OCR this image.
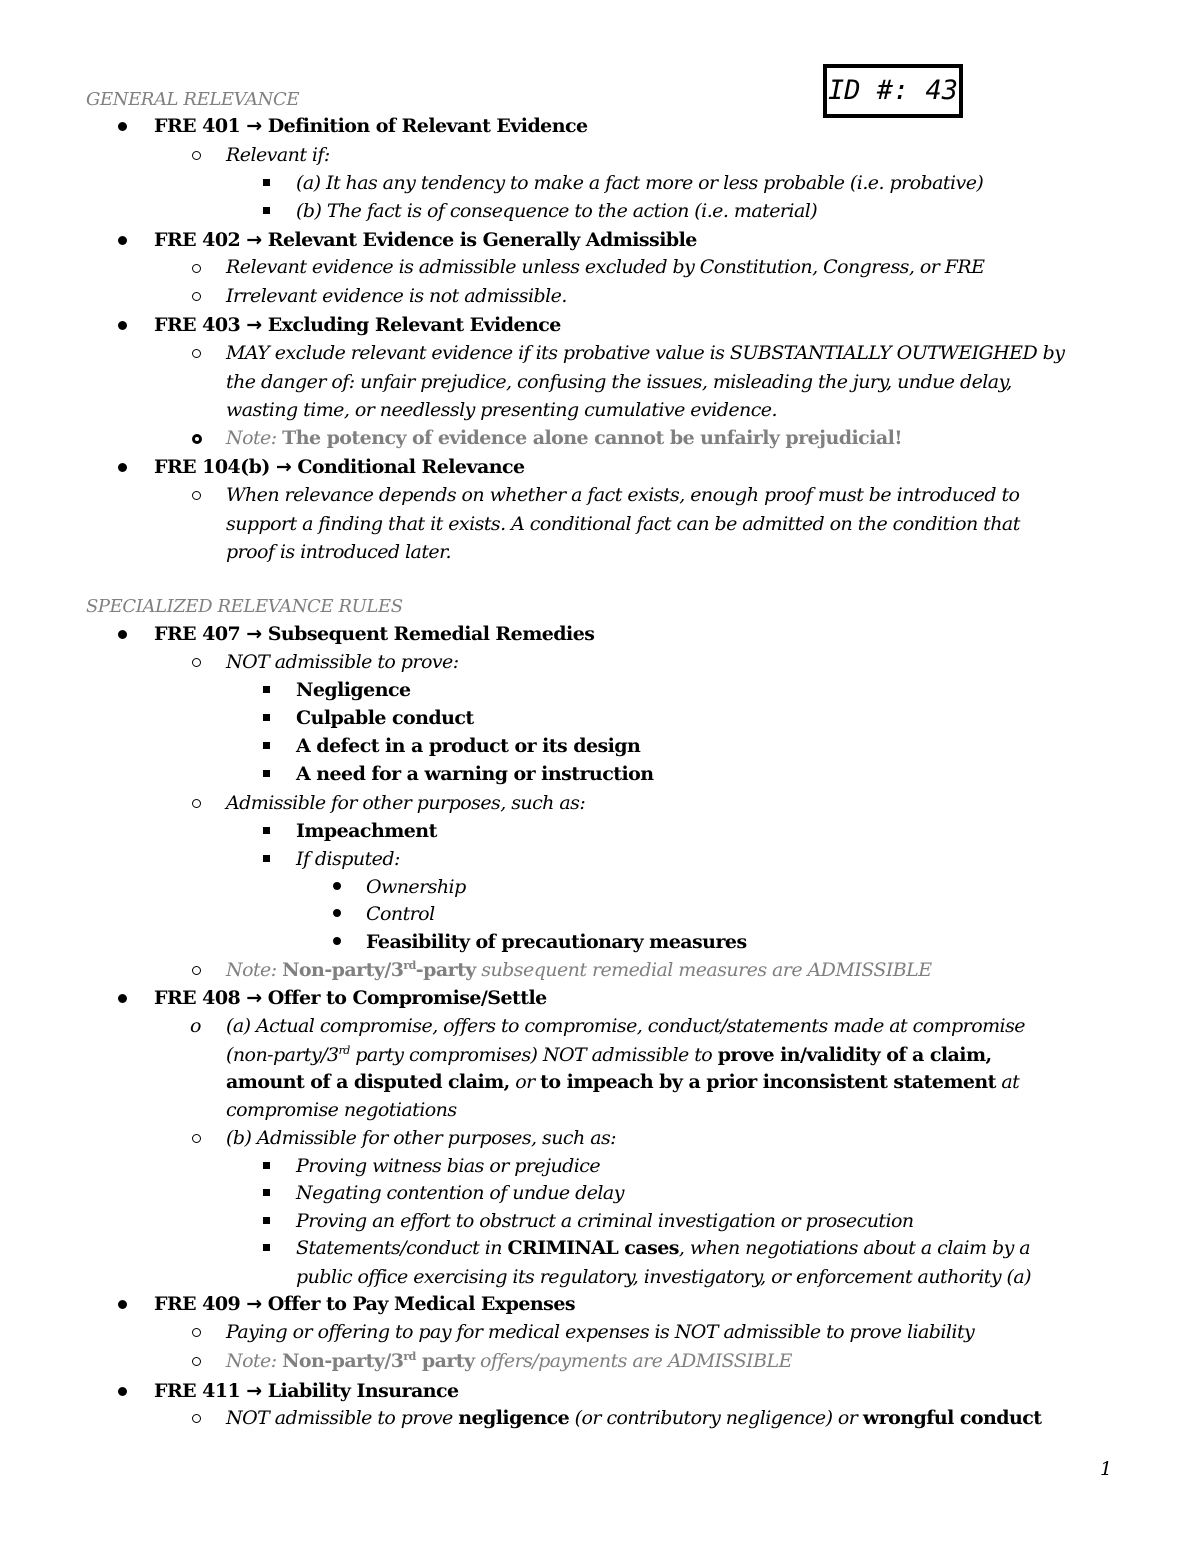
ID #: 43
GENERAL RELEVANCE
FRE 401 → Definition of Relevant Evidence
Relevant if:
(a) It has any tendency to make a fact more or less probable (i.e. probative)
(b) The fact is of consequence to the action (i.e. material)
FRE 402 → Relevant Evidence is Generally Admissible
Relevant evidence is admissible unless excluded by Constitution, Congress, or FRE
Irrelevant evidence is not admissible.
FRE 403 → Excluding Relevant Evidence
MAY exclude relevant evidence if its probative value is SUBSTANTIALLY OUTWEIGHED by
the danger of: unfair prejudice, confusing the issues, misleading the jury, undue delay,
wasting time, or needlessly presenting cumulative evidence.
Note: The potency of evidence alone cannot be unfairly prejudicial!
FRE 104(b) → Conditional Relevance
When relevance depends on whether a fact exists, enough proof must be introduced to
support a finding that it exists. A conditional fact can be admitted on the condition that
proof is introduced later.
SPECIALIZED RELEVANCE RULES
FRE 407 → Subsequent Remedial Remedies
NOT admissible to prove:
Negligence
Culpable conduct
A defect in a product or its design
A need for a warning or instruction
Admissible for other purposes, such as:
Impeachment
If disputed:
Ownership
Control
Feasibility of precautionary measures
Note: Non-party/3rd-party subsequent remedial measures are ADMISSIBLE
FRE 408 → Offer to Compromise/Settle
o (a) Actual compromise, offers to compromise, conduct/statements made at compromise
(non-party/3rd party compromises) NOT admissible to prove in/validity of a claim,
amount of a disputed claim, or to impeach by a prior inconsistent statement at
compromise negotiations
(b) Admissible for other purposes, such as:
Proving witness bias or prejudice
Negating contention of undue delay
Proving an effort to obstruct a criminal investigation or prosecution
Statements/conduct in CRIMINAL cases, when negotiations about a claim by a
public office exercising its regulatory, investigatory, or enforcement authority (a)
FRE 409 → Offer to Pay Medical Expenses
Paying or offering to pay for medical expenses is NOT admissible to prove liability
Note: Non-party/3rd party offers/payments are ADMISSIBLE
FRE 411 → Liability Insurance
NOT admissible to prove negligence (or contributory negligence) or wrongful conduct
1
